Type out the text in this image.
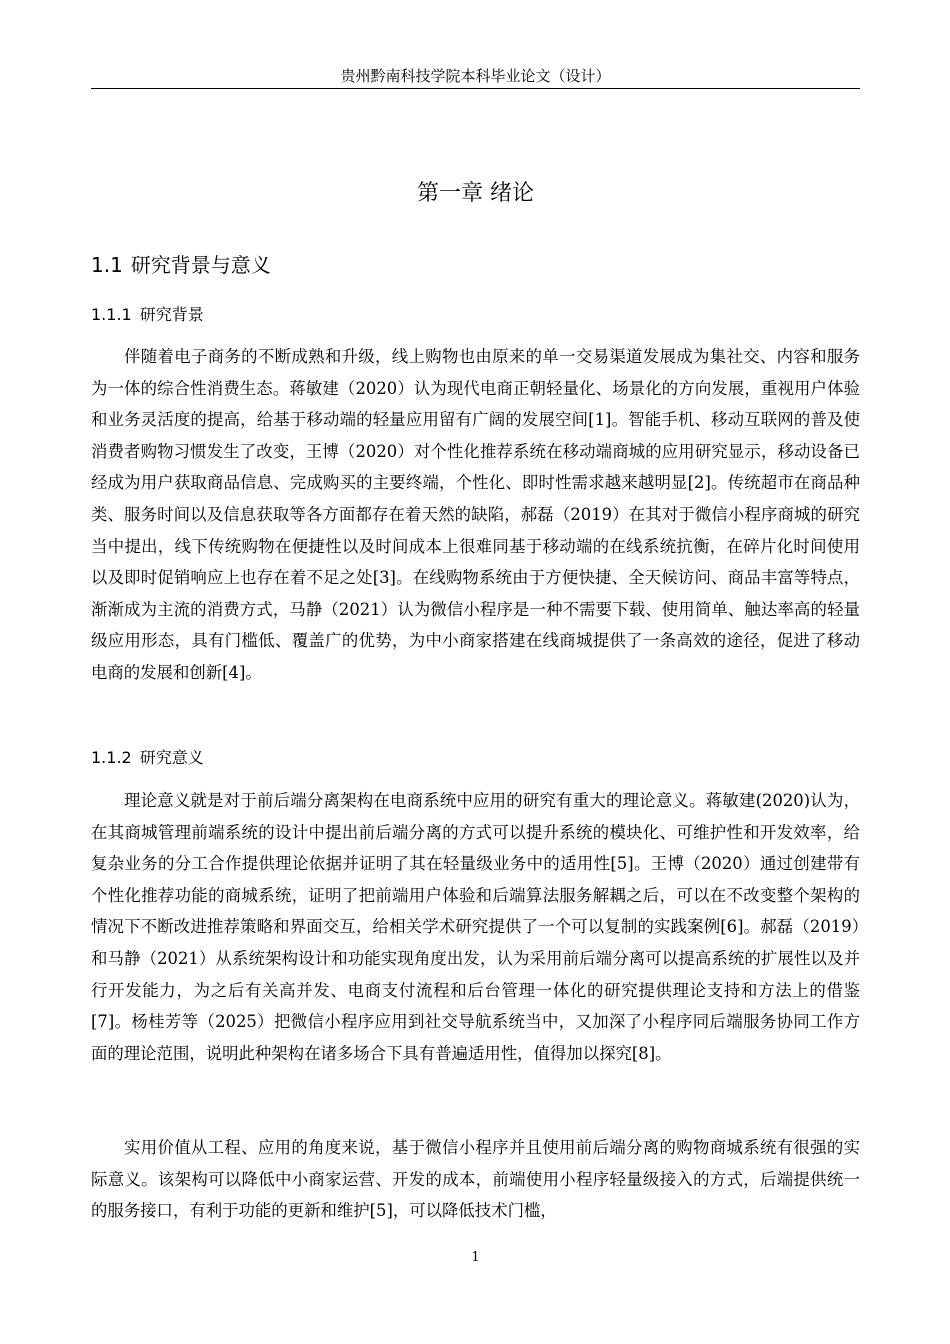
贵州黔南科技学院本科毕业论文（设计）
第一章 绪论
1.1 研究背景与意义
1.1.1 研究背景
伴随着电子商务的不断成熟和升级，线上购物也由原来的单一交易渠道发展成为集社交、内容和服务为一体的综合性消费生态。蒋敏建（2020）认为现代电商正朝轻量化、场景化的方向发展，重视用户体验和业务灵活度的提高，给基于移动端的轻量应用留有广阔的发展空间[1]。智能手机、移动互联网的普及使消费者购物习惯发生了改变，王博（2020）对个性化推荐系统在移动端商城的应用研究显示，移动设备已经成为用户获取商品信息、完成购买的主要终端，个性化、即时性需求越来越明显[2]。传统超市在商品种类、服务时间以及信息获取等各方面都存在着天然的缺陷，郝磊（2019）在其对于微信小程序商城的研究当中提出，线下传统购物在便捷性以及时间成本上很难同基于移动端的在线系统抗衡，在碎片化时间使用以及即时促销响应上也存在着不足之处[3]。在线购物系统由于方便快捷、全天候访问、商品丰富等特点，渐渐成为主流的消费方式，马静（2021）认为微信小程序是一种不需要下载、使用简单、触达率高的轻量级应用形态，具有门槛低、覆盖广的优势，为中小商家搭建在线商城提供了一条高效的途径，促进了移动电商的发展和创新[4]。
1.1.2 研究意义
理论意义就是对于前后端分离架构在电商系统中应用的研究有重大的理论意义。蒋敏建(2020)认为，在其商城管理前端系统的设计中提出前后端分离的方式可以提升系统的模块化、可维护性和开发效率，给复杂业务的分工合作提供理论依据并证明了其在轻量级业务中的适用性[5]。王博（2020）通过创建带有个性化推荐功能的商城系统，证明了把前端用户体验和后端算法服务解耦之后，可以在不改变整个架构的情况下不断改进推荐策略和界面交互，给相关学术研究提供了一个可以复制的实践案例[6]。郝磊（2019）和马静（2021）从系统架构设计和功能实现角度出发，认为采用前后端分离可以提高系统的扩展性以及并行开发能力，为之后有关高并发、电商支付流程和后台管理一体化的研究提供理论支持和方法上的借鉴[7]。杨桂芳等（2025）把微信小程序应用到社交导航系统当中，又加深了小程序同后端服务协同工作方面的理论范围，说明此种架构在诸多场合下具有普遍适用性，值得加以探究[8]。
实用价值从工程、应用的角度来说，基于微信小程序并且使用前后端分离的购物商城系统有很强的实际意义。该架构可以降低中小商家运营、开发的成本，前端使用小程序轻量级接入的方式，后端提供统一的服务接口，有利于功能的更新和维护[5]，可以降低技术门槛，
1
